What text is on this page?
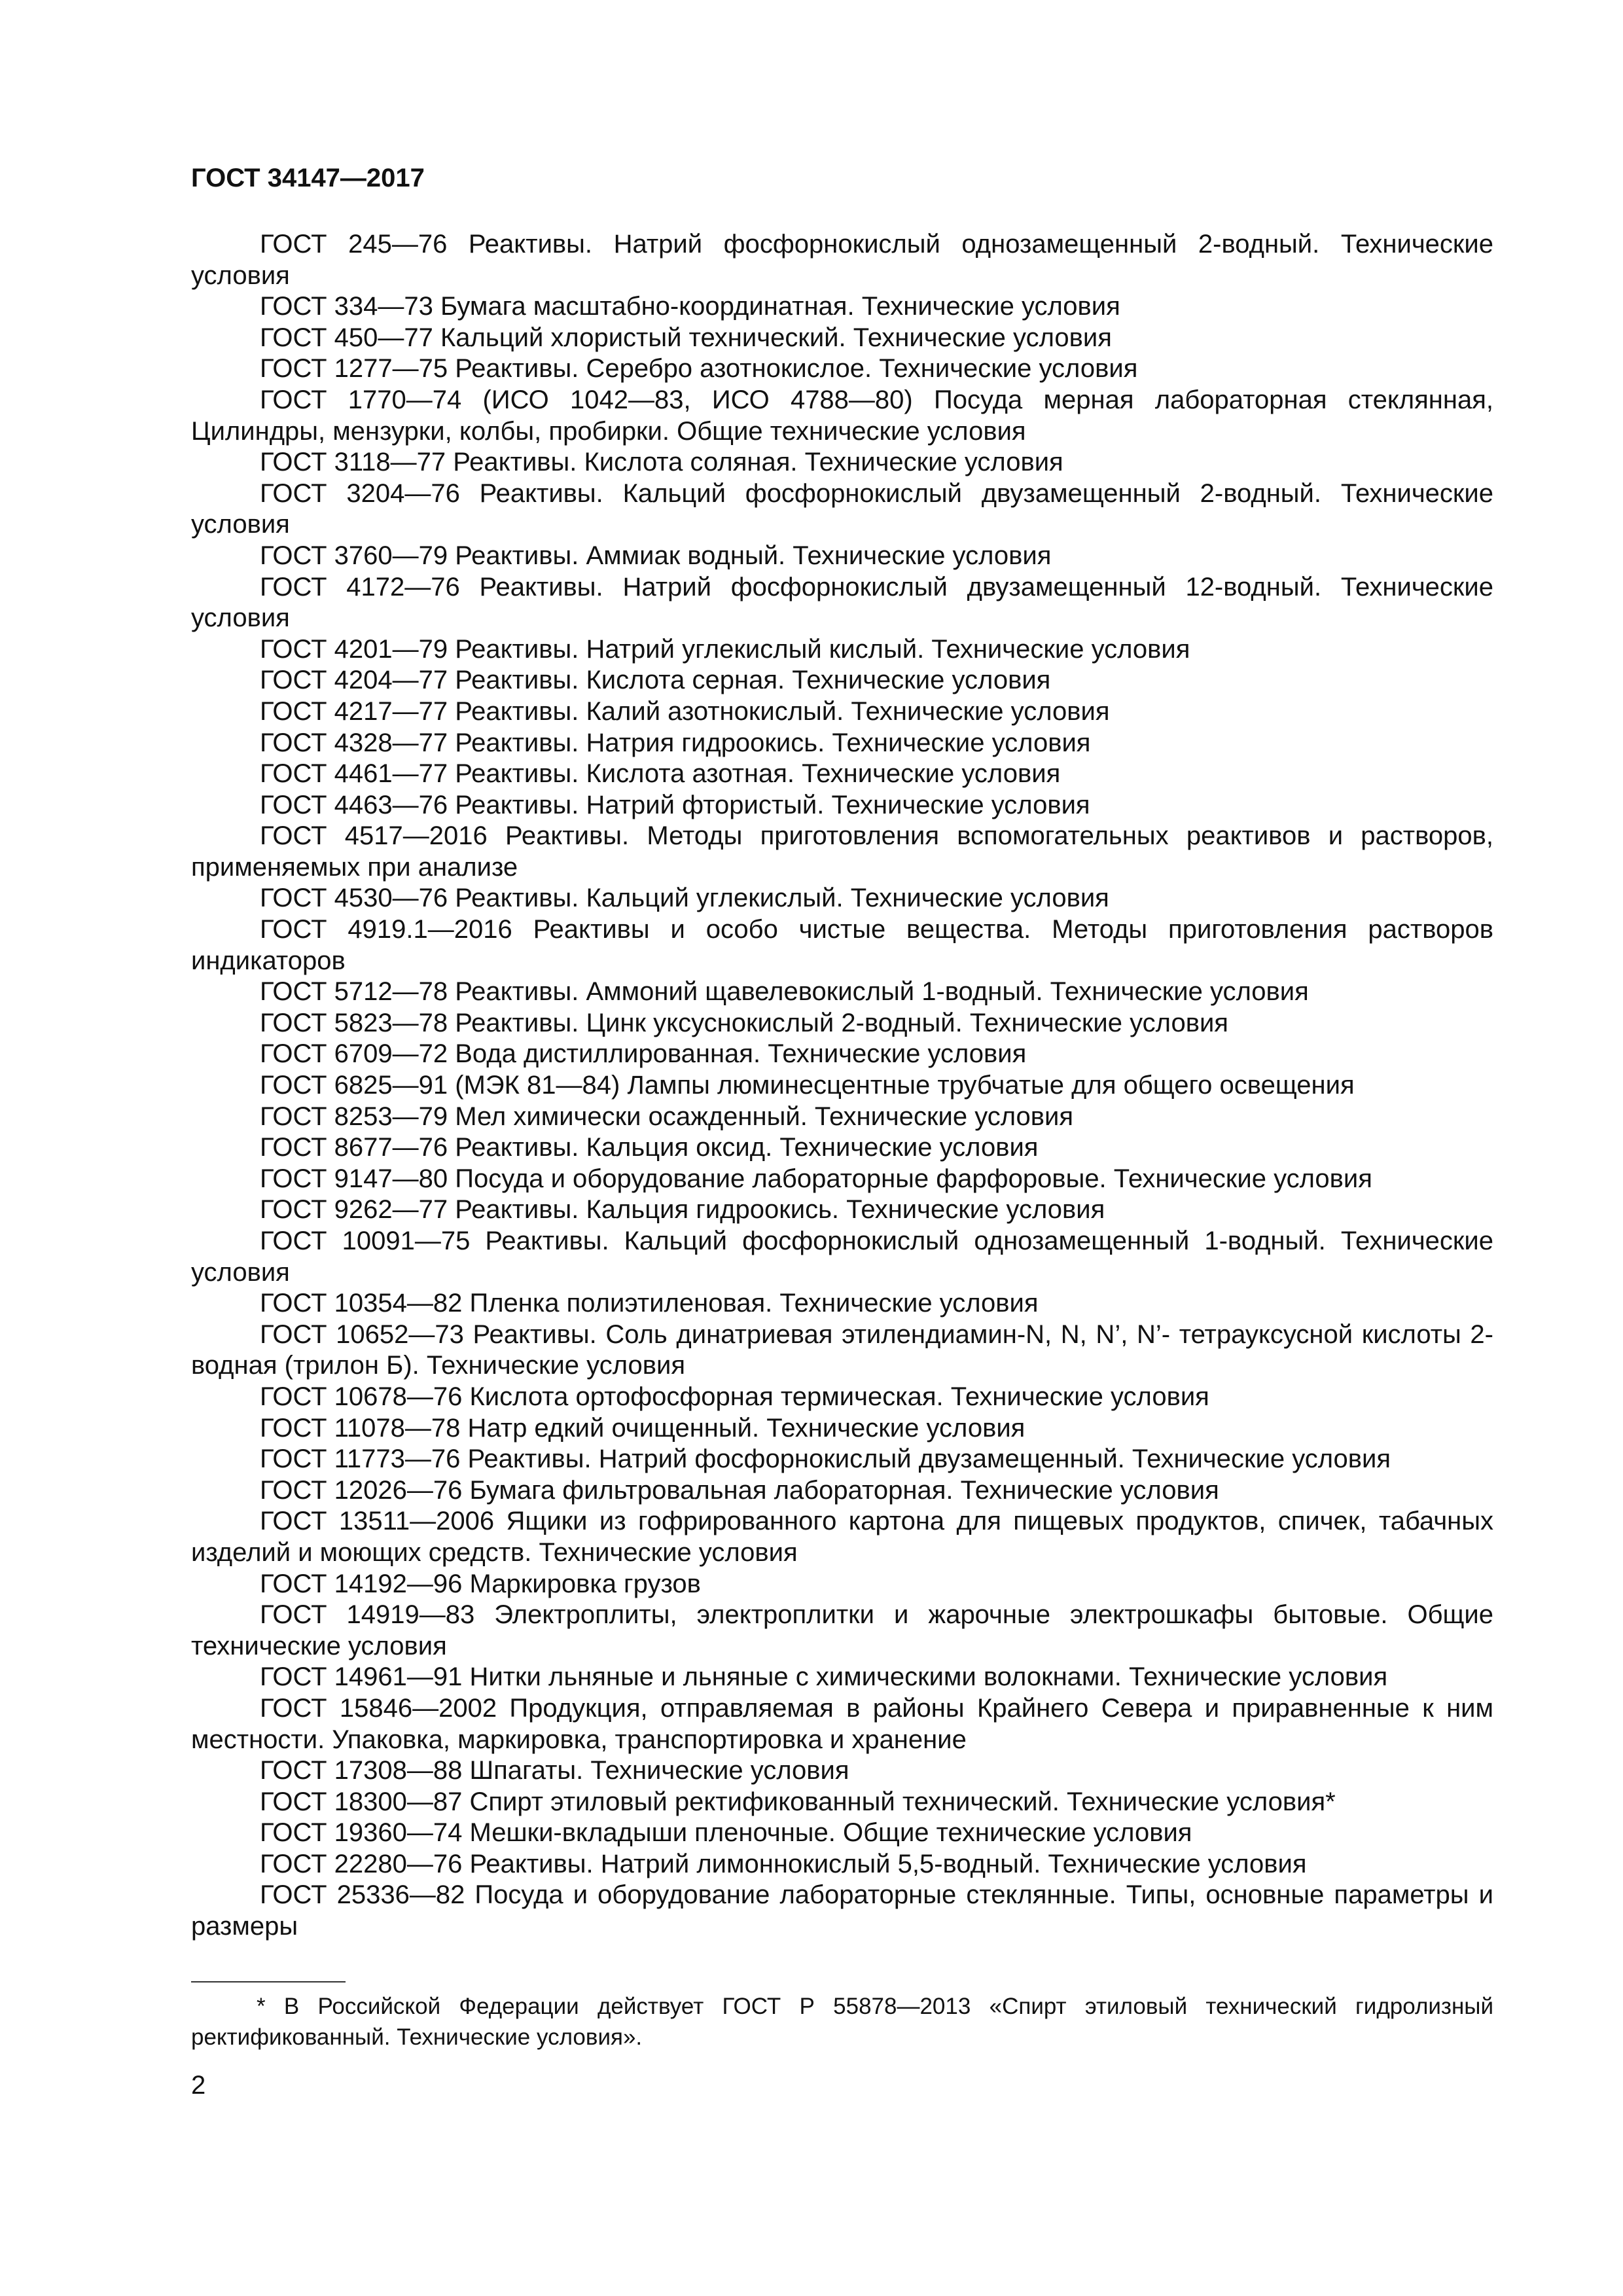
ГОСТ 34147—2017

ГОСТ 245—76 Реактивы. Натрий фосфорнокислый однозамещенный 2-водный. Технические условия

ГОСТ 334—73 Бумага масштабно-координатная. Технические условия

ГОСТ 450—77 Кальций хлористый технический. Технические условия

ГОСТ 1277—75 Реактивы. Серебро азотнокислое. Технические условия

ГОСТ 1770—74 (ИСО 1042—83, ИСО 4788—80) Посуда мерная лабораторная стеклянная, Цилиндры, мензурки, колбы, пробирки. Общие технические условия

ГОСТ 3118—77 Реактивы. Кислота соляная. Технические условия

ГОСТ 3204—76 Реактивы. Кальций фосфорнокислый двузамещенный 2-водный. Технические условия

ГОСТ 3760—79 Реактивы. Аммиак водный. Технические условия

ГОСТ 4172—76 Реактивы. Натрий фосфорнокислый двузамещенный 12-водный. Технические условия

ГОСТ 4201—79 Реактивы. Натрий углекислый кислый. Технические условия

ГОСТ 4204—77 Реактивы. Кислота серная. Технические условия

ГОСТ 4217—77 Реактивы. Калий азотнокислый. Технические условия

ГОСТ 4328—77 Реактивы. Натрия гидроокись. Технические условия

ГОСТ 4461—77 Реактивы. Кислота азотная. Технические условия

ГОСТ 4463—76 Реактивы. Натрий фтористый. Технические условия

ГОСТ 4517—2016 Реактивы. Методы приготовления вспомогательных реактивов и растворов, применяемых при анализе

ГОСТ 4530—76 Реактивы. Кальций углекислый. Технические условия

ГОСТ 4919.1—2016 Реактивы и особо чистые вещества. Методы приготовления растворов индикаторов

ГОСТ 5712—78 Реактивы. Аммоний щавелевокислый 1-водный. Технические условия

ГОСТ 5823—78 Реактивы. Цинк уксуснокислый 2-водный. Технические условия

ГОСТ 6709—72 Вода дистиллированная. Технические условия

ГОСТ 6825—91 (МЭК 81—84) Лампы люминесцентные трубчатые для общего освещения

ГОСТ 8253—79 Мел химически осажденный. Технические условия

ГОСТ 8677—76 Реактивы. Кальция оксид. Технические условия

ГОСТ 9147—80 Посуда и оборудование лабораторные фарфоровые. Технические условия

ГОСТ 9262—77 Реактивы. Кальция гидроокись. Технические условия

ГОСТ 10091—75 Реактивы. Кальций фосфорнокислый однозамещенный 1-водный. Технические условия

ГОСТ 10354—82 Пленка полиэтиленовая. Технические условия

ГОСТ 10652—73 Реактивы. Соль динатриевая этилендиамин-N, N, N’, N’- тетрауксусной кислоты 2-водная (трилон Б). Технические условия

ГОСТ 10678—76 Кислота ортофосфорная термическая. Технические условия

ГОСТ 11078—78 Натр едкий очищенный. Технические условия

ГОСТ 11773—76 Реактивы. Натрий фосфорнокислый двузамещенный. Технические условия

ГОСТ 12026—76 Бумага фильтровальная лабораторная. Технические условия

ГОСТ 13511—2006 Ящики из гофрированного картона для пищевых продуктов, спичек, табачных изделий и моющих средств. Технические условия

ГОСТ 14192—96 Маркировка грузов

ГОСТ 14919—83 Электроплиты, электроплитки и жарочные электрошкафы бытовые. Общие технические условия

ГОСТ 14961—91 Нитки льняные и льняные с химическими волокнами. Технические условия

ГОСТ 15846—2002 Продукция, отправляемая в районы Крайнего Севера и приравненные к ним местности. Упаковка, маркировка, транспортировка и хранение

ГОСТ 17308—88 Шпагаты. Технические условия

ГОСТ 18300—87 Спирт этиловый ректификованный технический. Технические условия*

ГОСТ 19360—74 Мешки-вкладыши пленочные. Общие технические условия

ГОСТ 22280—76 Реактивы. Натрий лимоннокислый 5,5-водный. Технические условия

ГОСТ 25336—82 Посуда и оборудование лабораторные стеклянные. Типы, основные параметры и размеры

* В Российской Федерации действует ГОСТ Р 55878—2013 «Спирт этиловый технический гидролизный ректификованный. Технические условия».

2
